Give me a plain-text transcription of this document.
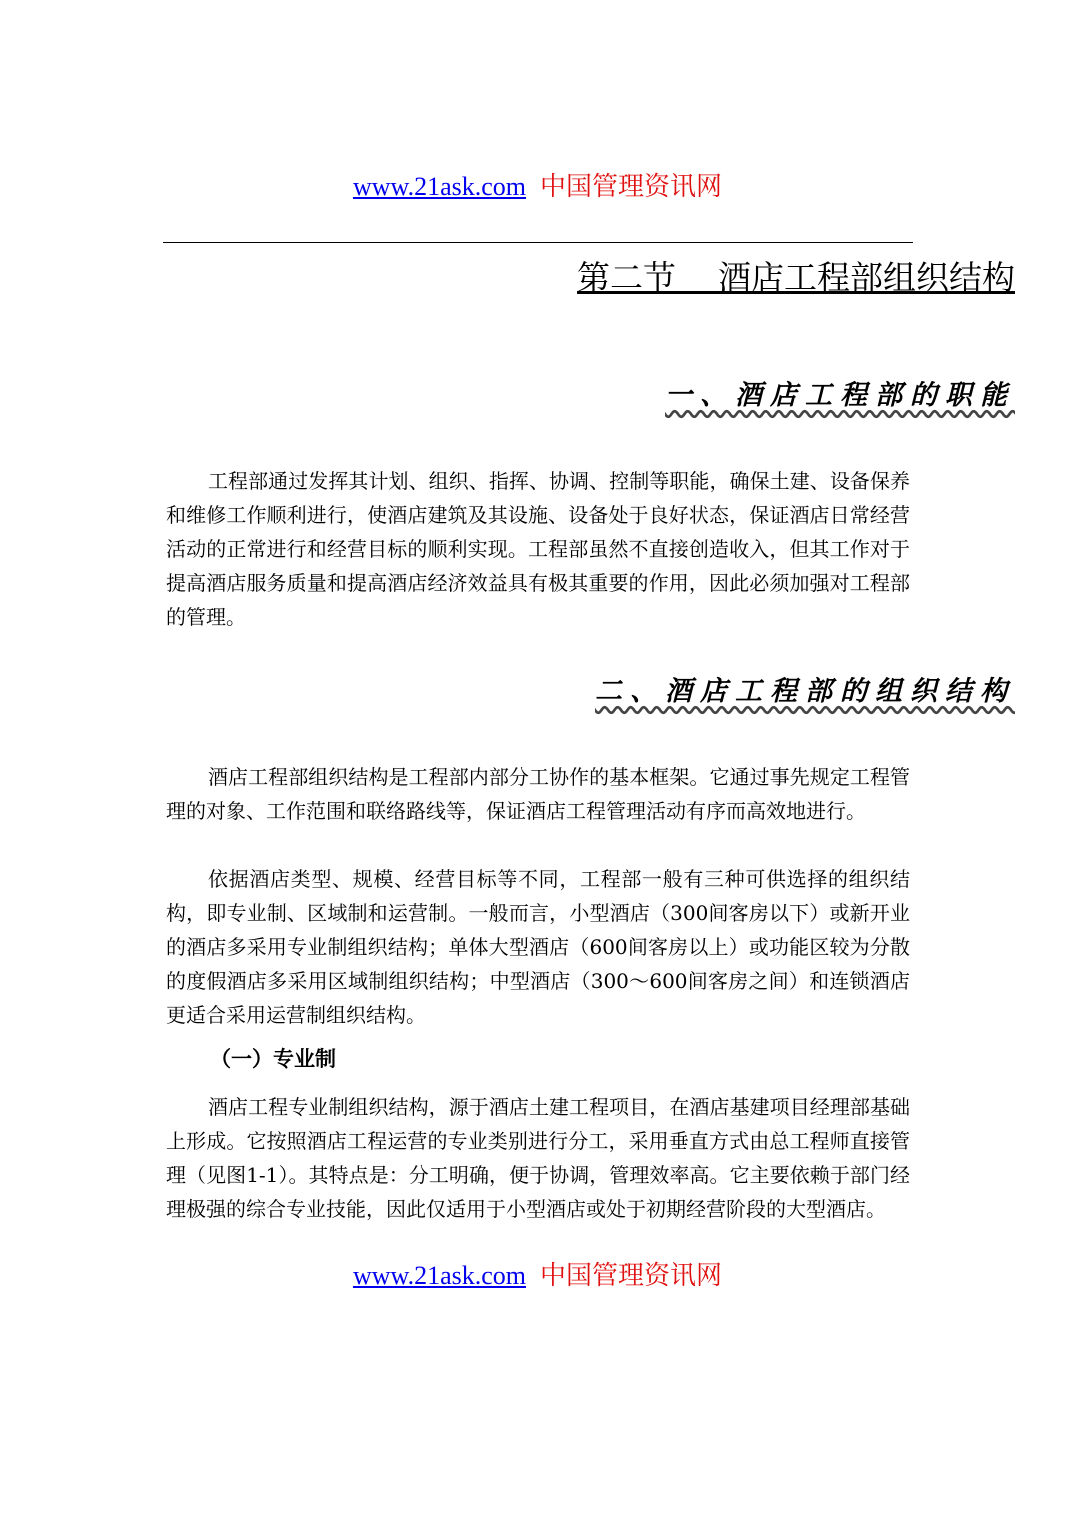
www.21ask.com 中国管理资讯网
第二节    酒店工程部组织结构
一、酒店工程部的职能
工程部通过发挥其计划、组织、指挥、协调、控制等职能，确保土建、设备保养和维修工作顺利进行，使酒店建筑及其设施、设备处于良好状态，保证酒店日常经营活动的正常进行和经营目标的顺利实现。工程部虽然不直接创造收入，但其工作对于提高酒店服务质量和提高酒店经济效益具有极其重要的作用，因此必须加强对工程部的管理。
二、酒店工程部的组织结构
酒店工程部组织结构是工程部内部分工协作的基本框架。它通过事先规定工程管理的对象、工作范围和联络路线等，保证酒店工程管理活动有序而高效地进行。
依据酒店类型、规模、经营目标等不同，工程部一般有三种可供选择的组织结构，即专业制、区域制和运营制。一般而言，小型酒店（300间客房以下）或新开业的酒店多采用专业制组织结构；单体大型酒店（600间客房以上）或功能区较为分散的度假酒店多采用区域制组织结构；中型酒店（300～600间客房之间）和连锁酒店更适合采用运营制组织结构。
（一）专业制
酒店工程专业制组织结构，源于酒店土建工程项目，在酒店基建项目经理部基础上形成。它按照酒店工程运营的专业类别进行分工，采用垂直方式由总工程师直接管理（见图1-1）。其特点是：分工明确，便于协调，管理效率高。它主要依赖于部门经理极强的综合专业技能，因此仅适用于小型酒店或处于初期经营阶段的大型酒店。
www.21ask.com 中国管理资讯网
